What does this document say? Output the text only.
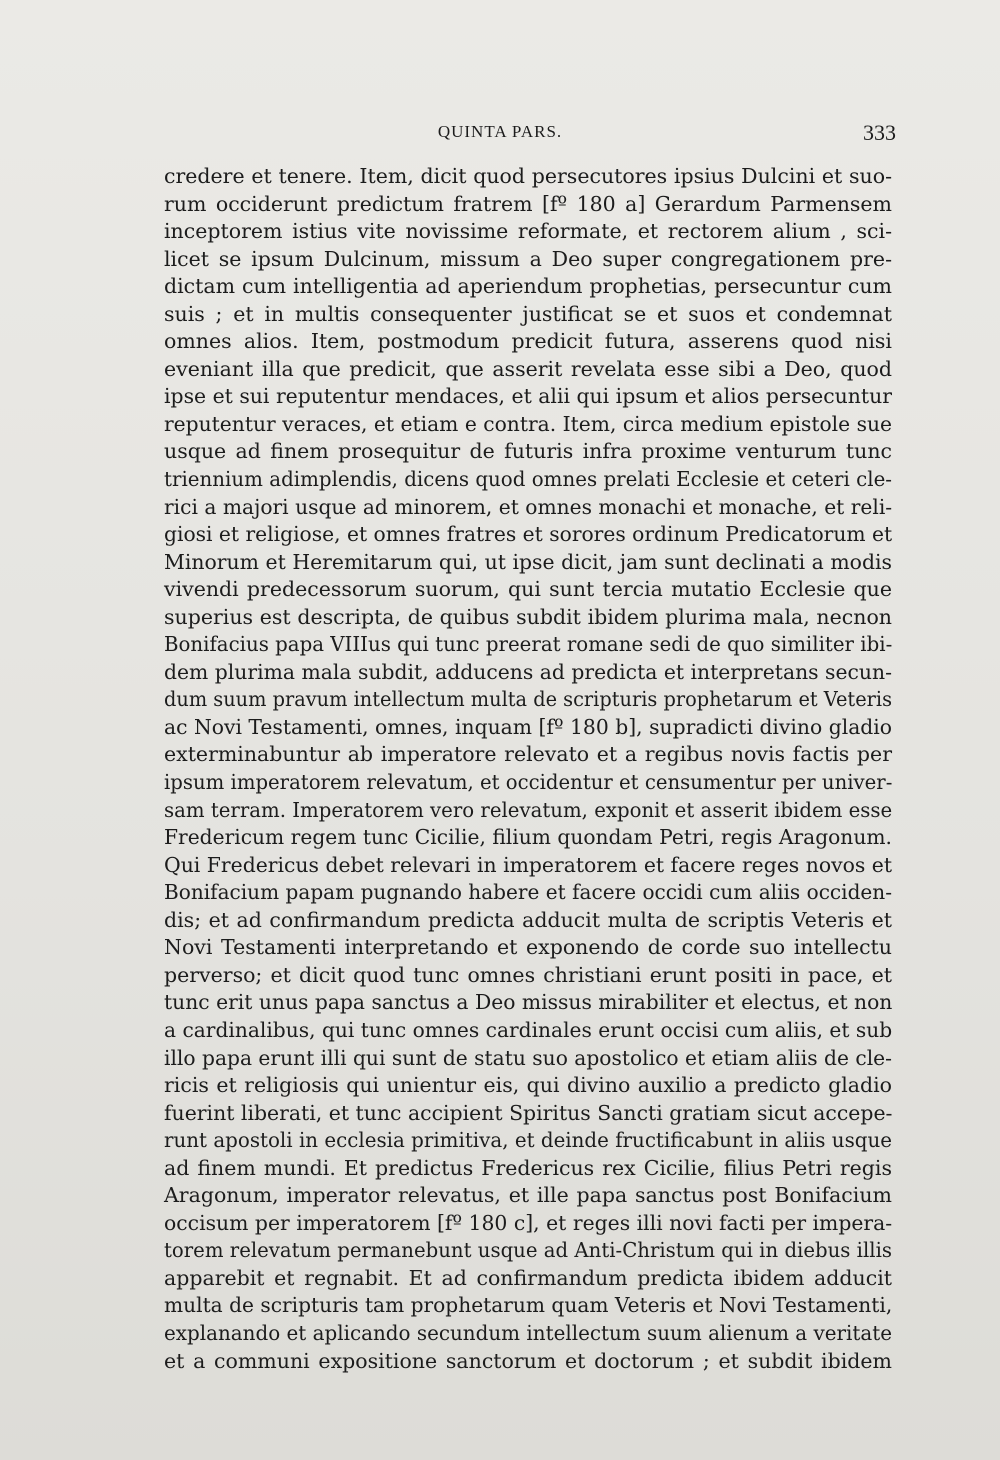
QUINTA PARS.	333
credere et tenere. Item, dicit quod persecutores ipsius Dulcini et suo-
rum occiderunt predictum fratrem [fº 180 a] Gerardum Parmensem
inceptorem istius vite novissime reformate, et rectorem alium , sci-
licet se ipsum Dulcinum, missum a Deo super congregationem pre-
dictam cum intelligentia ad aperiendum prophetias, persecuntur cum
suis ; et in multis consequenter justificat se et suos et condemnat
omnes alios. Item, postmodum predicit futura, asserens quod nisi
eveniant illa que predicit, que asserit revelata esse sibi a Deo, quod
ipse et sui reputentur mendaces, et alii qui ipsum et alios persecuntur
reputentur veraces, et etiam e contra. Item, circa medium epistole sue
usque ad finem prosequitur de futuris infra proxime venturum tunc
triennium adimplendis, dicens quod omnes prelati Ecclesie et ceteri cle-
rici a majori usque ad minorem, et omnes monachi et monache, et reli-
giosi et religiose, et omnes fratres et sorores ordinum Predicatorum et
Minorum et Heremitarum qui, ut ipse dicit, jam sunt declinati a modis
vivendi predecessorum suorum, qui sunt tercia mutatio Ecclesie que
superius est descripta, de quibus subdit ibidem plurima mala, necnon
Bonifacius papa VIIIus qui tunc preerat romane sedi de quo similiter ibi-
dem plurima mala subdit, adducens ad predicta et interpretans secun-
dum suum pravum intellectum multa de scripturis prophetarum et Veteris
ac Novi Testamenti, omnes, inquam [fº 180 b], supradicti divino gladio
exterminabuntur ab imperatore relevato et a regibus novis factis per
ipsum imperatorem relevatum, et occidentur et censumentur per univer-
sam terram. Imperatorem vero relevatum, exponit et asserit ibidem esse
Fredericum regem tunc Cicilie, filium quondam Petri, regis Aragonum.
Qui Fredericus debet relevari in imperatorem et facere reges novos et
Bonifacium papam pugnando habere et facere occidi cum aliis occiden-
dis; et ad confirmandum predicta adducit multa de scriptis Veteris et
Novi Testamenti interpretando et exponendo de corde suo intellectu
perverso; et dicit quod tunc omnes christiani erunt positi in pace, et
tunc erit unus papa sanctus a Deo missus mirabiliter et electus, et non
a cardinalibus, qui tunc omnes cardinales erunt occisi cum aliis, et sub
illo papa erunt illi qui sunt de statu suo apostolico et etiam aliis de cle-
ricis et religiosis qui unientur eis, qui divino auxilio a predicto gladio
fuerint liberati, et tunc accipient Spiritus Sancti gratiam sicut accepe-
runt apostoli in ecclesia primitiva, et deinde fructificabunt in aliis usque
ad finem mundi. Et predictus Fredericus rex Cicilie, filius Petri regis
Aragonum, imperator relevatus, et ille papa sanctus post Bonifacium
occisum per imperatorem [fº 180 c], et reges illi novi facti per impera-
torem relevatum permanebunt usque ad Anti-Christum qui in diebus illis
apparebit et regnabit. Et ad confirmandum predicta ibidem adducit
multa de scripturis tam prophetarum quam Veteris et Novi Testamenti,
explanando et aplicando secundum intellectum suum alienum a veritate
et a communi expositione sanctorum et doctorum ; et subdit ibidem
